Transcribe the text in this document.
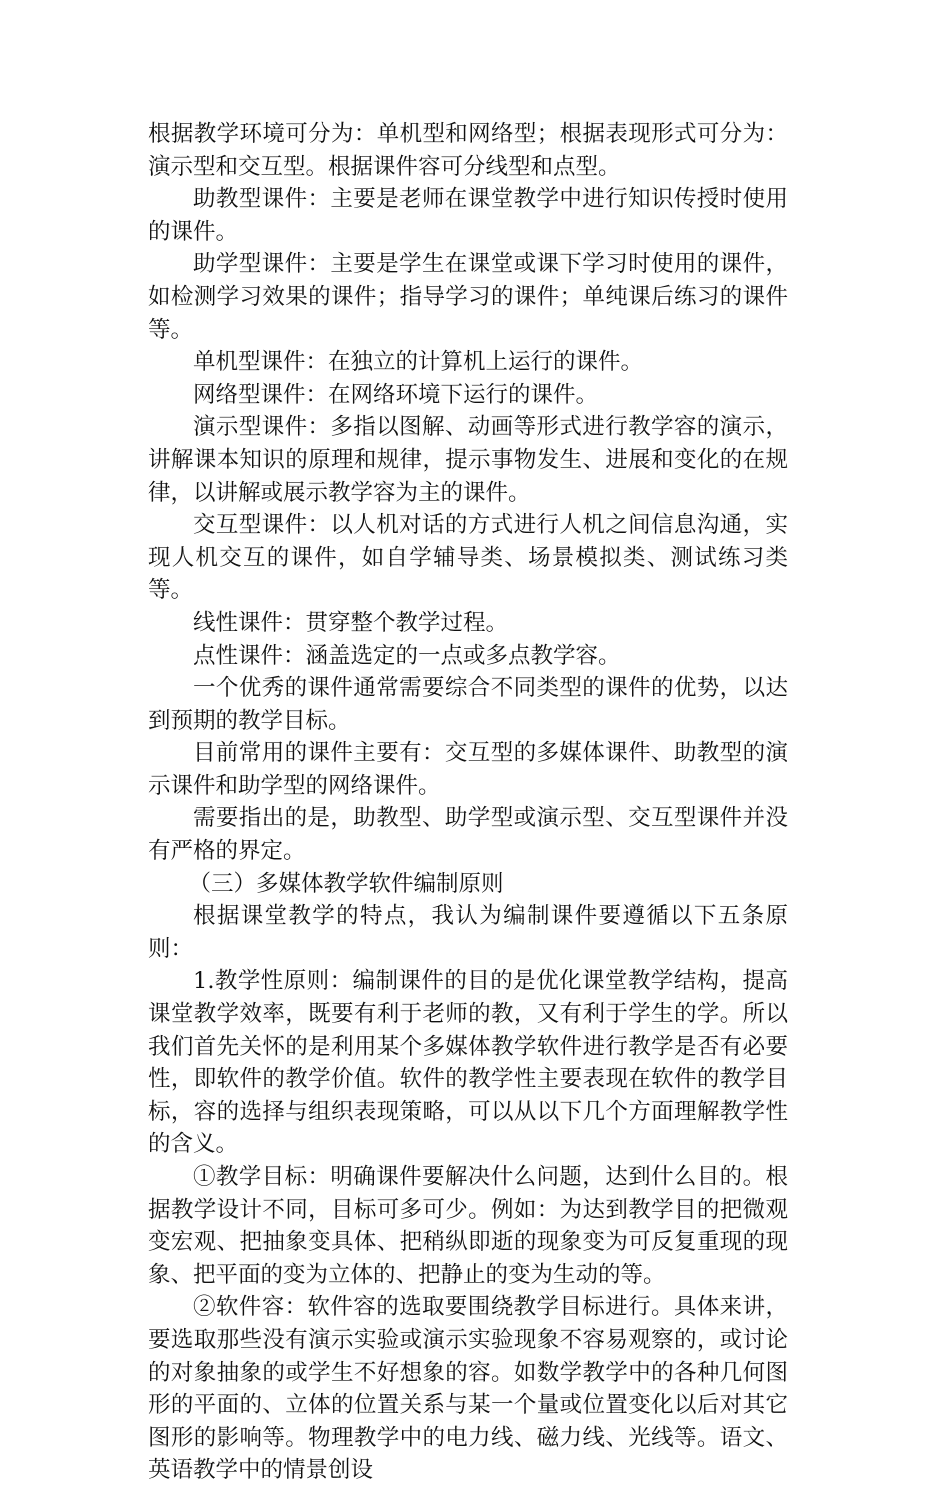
根据教学环境可分为：单机型和网络型；根据表现形式可分为：演示型和交互型。根据课件容可分线型和点型。

助教型课件：主要是老师在课堂教学中进行知识传授时使用的课件。

助学型课件：主要是学生在课堂或课下学习时使用的课件，如检测学习效果的课件；指导学习的课件；单纯课后练习的课件等。

单机型课件：在独立的计算机上运行的课件。

网络型课件：在网络环境下运行的课件。

演示型课件：多指以图解、动画等形式进行教学容的演示，讲解课本知识的原理和规律，提示事物发生、进展和变化的在规律，以讲解或展示教学容为主的课件。

交互型课件：以人机对话的方式进行人机之间信息沟通，实现人机交互的课件，如自学辅导类、场景模拟类、测试练习类等。

线性课件：贯穿整个教学过程。

点性课件：涵盖选定的一点或多点教学容。

一个优秀的课件通常需要综合不同类型的课件的优势，以达到预期的教学目标。

目前常用的课件主要有：交互型的多媒体课件、助教型的演示课件和助学型的网络课件。

需要指出的是，助教型、助学型或演示型、交互型课件并没有严格的界定。

（三）多媒体教学软件编制原则

根据课堂教学的特点，我认为编制课件要遵循以下五条原则：

1.教学性原则：编制课件的目的是优化课堂教学结构，提高课堂教学效率，既要有利于老师的教，又有利于学生的学。所以我们首先关怀的是利用某个多媒体教学软件进行教学是否有必要性，即软件的教学价值。软件的教学性主要表现在软件的教学目标，容的选择与组织表现策略，可以从以下几个方面理解教学性的含义。

①教学目标：明确课件要解决什么问题，达到什么目的。根据教学设计不同，目标可多可少。例如：为达到教学目的把微观变宏观、把抽象变具体、把稍纵即逝的现象变为可反复重现的现象、把平面的变为立体的、把静止的变为生动的等。

②软件容：软件容的选取要围绕教学目标进行。具体来讲，要选取那些没有演示实验或演示实验现象不容易观察的，或讨论的对象抽象的或学生不好想象的容。如数学教学中的各种几何图形的平面的、立体的位置关系与某一个量或位置变化以后对其它图形的影响等。物理教学中的电力线、磁力线、光线等。语文、英语教学中的情景创设
